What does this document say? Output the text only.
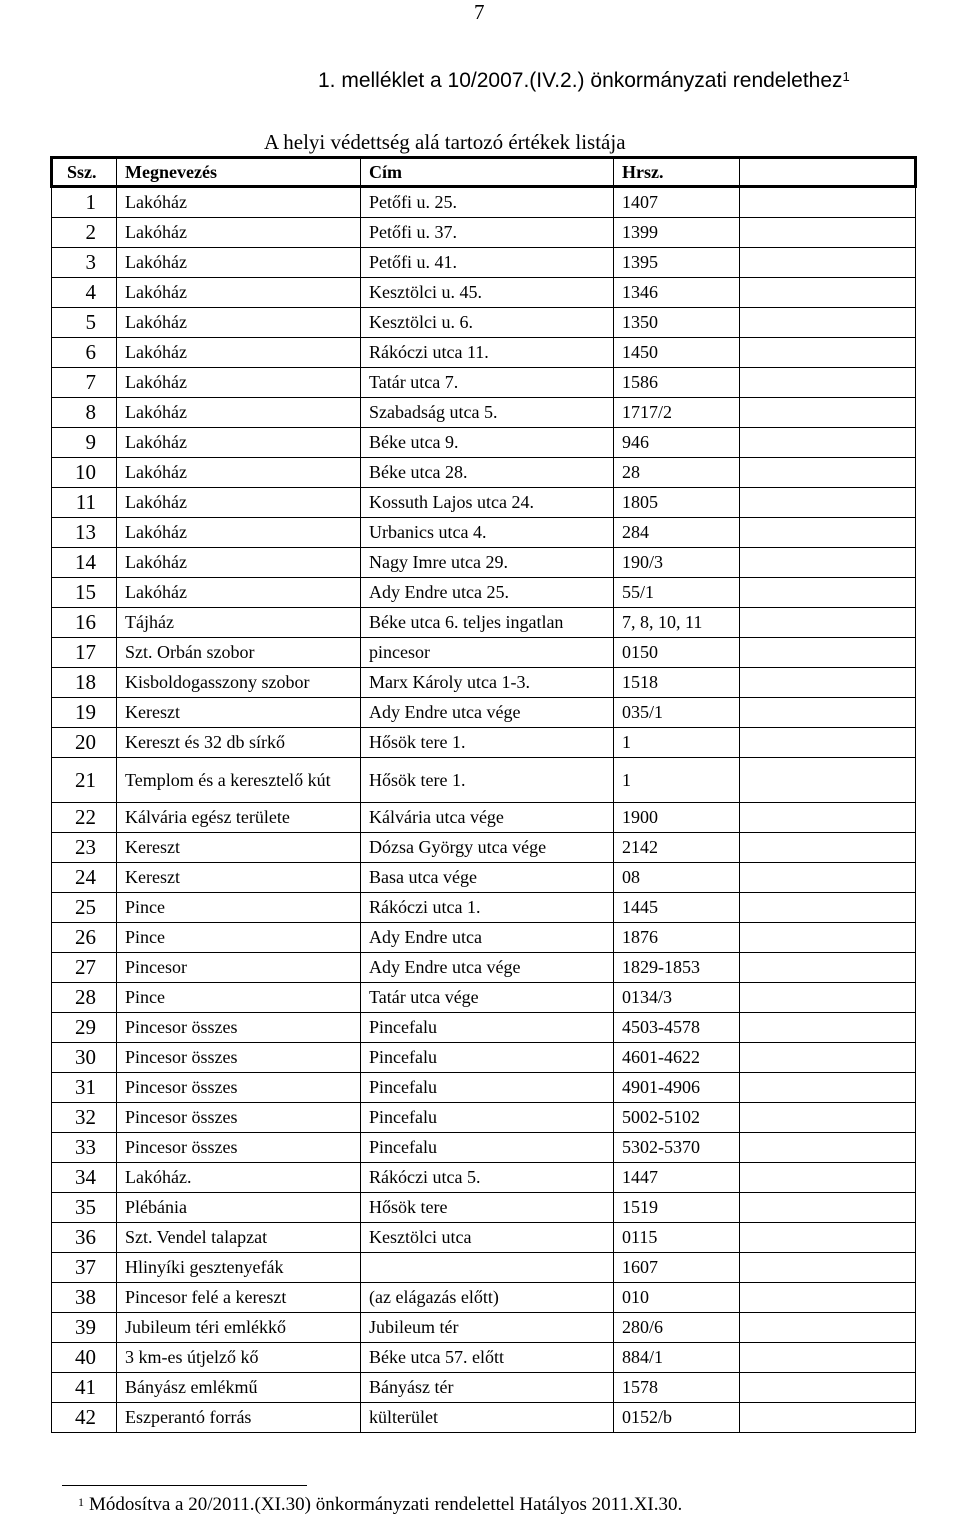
7
1. melléklet a 10/2007.(IV.2.) önkormányzati rendelethez$^1$
A helyi védettség alá tartozó értékek listája
Ssz.	Megnevezés	Cím	Hrsz.	
1	Lakóház	Petőfi u. 25.	1407	
2	Lakóház	Petőfi u. 37.	1399	
3	Lakóház	Petőfi u. 41.	1395	
4	Lakóház	Kesztölci u. 45.	1346	
5	Lakóház	Kesztölci u. 6.	1350	
6	Lakóház	Rákóczi utca 11.	1450	
7	Lakóház	Tatár utca 7.	1586	
8	Lakóház	Szabadság utca 5.	1717/2	
9	Lakóház	Béke utca 9.	946	
10	Lakóház	Béke utca 28.	28	
11	Lakóház	Kossuth Lajos utca 24.	1805	
13	Lakóház	Urbanics utca 4.	284	
14	Lakóház	Nagy Imre utca 29.	190/3	
15	Lakóház	Ady Endre utca 25.	55/1	
16	Tájház	Béke utca 6. teljes ingatlan	7, 8, 10, 11	
17	Szt. Orbán szobor	pincesor	0150	
18	Kisboldogasszony szobor	Marx Károly utca 1-3.	1518	
19	Kereszt	Ady Endre utca vége	035/1	
20	Kereszt és 32 db sírkő	Hősök tere 1.	1	
21	Templom és a keresztelő kút	Hősök tere 1.	1	
22	Kálvária egész területe	Kálvária utca vége	1900	
23	Kereszt	Dózsa György utca vége	2142	
24	Kereszt	Basa utca vége	08	
25	Pince	Rákóczi utca 1.	1445	
26	Pince	Ady Endre utca	1876	
27	Pincesor	Ady Endre utca vége	1829-1853	
28	Pince	Tatár utca vége	0134/3	
29	Pincesor összes	Pincefalu	4503-4578	
30	Pincesor összes	Pincefalu	4601-4622	
31	Pincesor összes	Pincefalu	4901-4906	
32	Pincesor összes	Pincefalu	5002-5102	
33	Pincesor összes	Pincefalu	5302-5370	
34	Lakóház.	Rákóczi utca 5.	1447	
35	Plébánia	Hősök tere	1519	
36	Szt. Vendel talapzat	Kesztölci utca	0115	
37	Hlinyíki gesztenyefák		1607	
38	Pincesor felé a kereszt	(az elágazás előtt)	010	
39	Jubileum téri emlékkő	Jubileum tér	280/6	
40	3 km-es útjelző kő	Béke utca 57. előtt	884/1	
41	Bányász emlékmű	Bányász tér	1578	
42	Eszperantó forrás	külterület	0152/b	
$^1$ Módosítva a 20/2011.(XI.30) önkormányzati rendelettel Hatályos 2011.XI.30.
